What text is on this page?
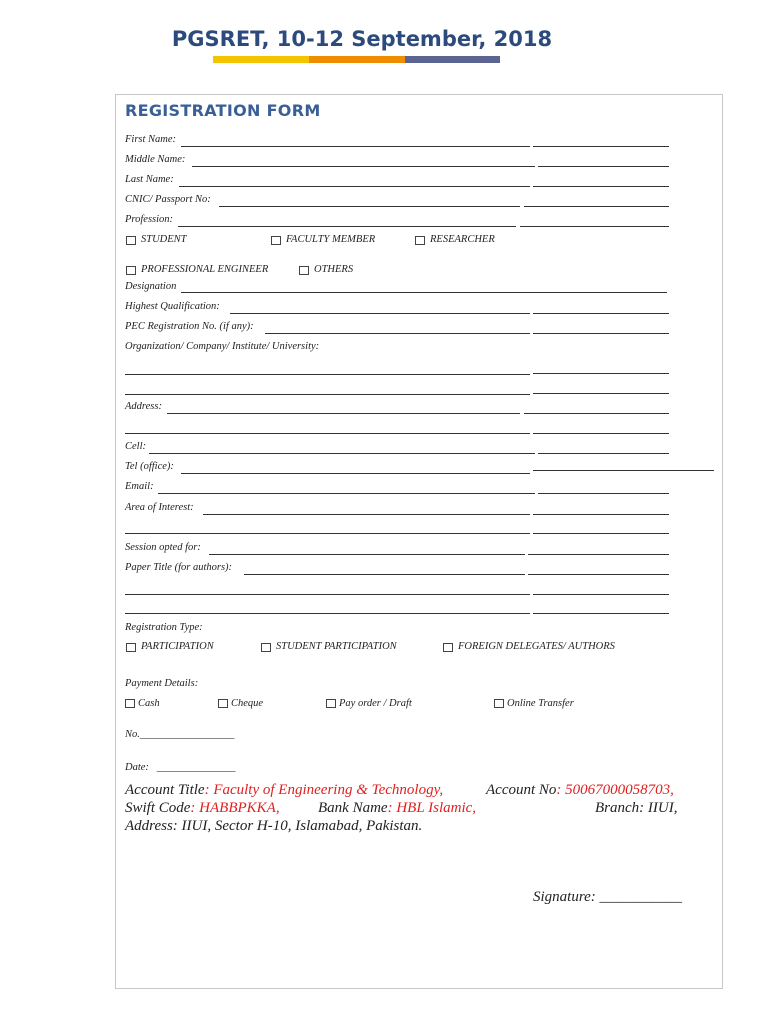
PGSRET, 10-12 September, 2018
REGISTRATION FORM
First Name:
Middle Name:
Last Name:
CNIC/ Passport No:
Profession:
STUDENT	FACULTY MEMBER	RESEARCHER
PROFESSIONAL ENGINEER	OTHERS
Designation
Highest Qualification:
PEC Registration No. (if any):
Organization/ Company/ Institute/ University:
Address:
Cell:
Tel (office):
Email:
Area of Interest:
Session opted for:
Paper Title (for authors):
Registration Type:
PARTICIPATION	STUDENT PARTICIPATION	FOREIGN DELEGATES/ AUTHORS
Payment Details:
Cash	Cheque	Pay order / Draft	Online Transfer
No.__________________
Date: _______________
Account Title: Faculty of Engineering & Technology,	Account No: 50067000058703,
Swift Code: HABBPKKA,	Bank Name: HBL Islamic,	Branch: IIUI,
Address: IIUI, Sector H-10, Islamabad, Pakistan.
Signature: ___________
